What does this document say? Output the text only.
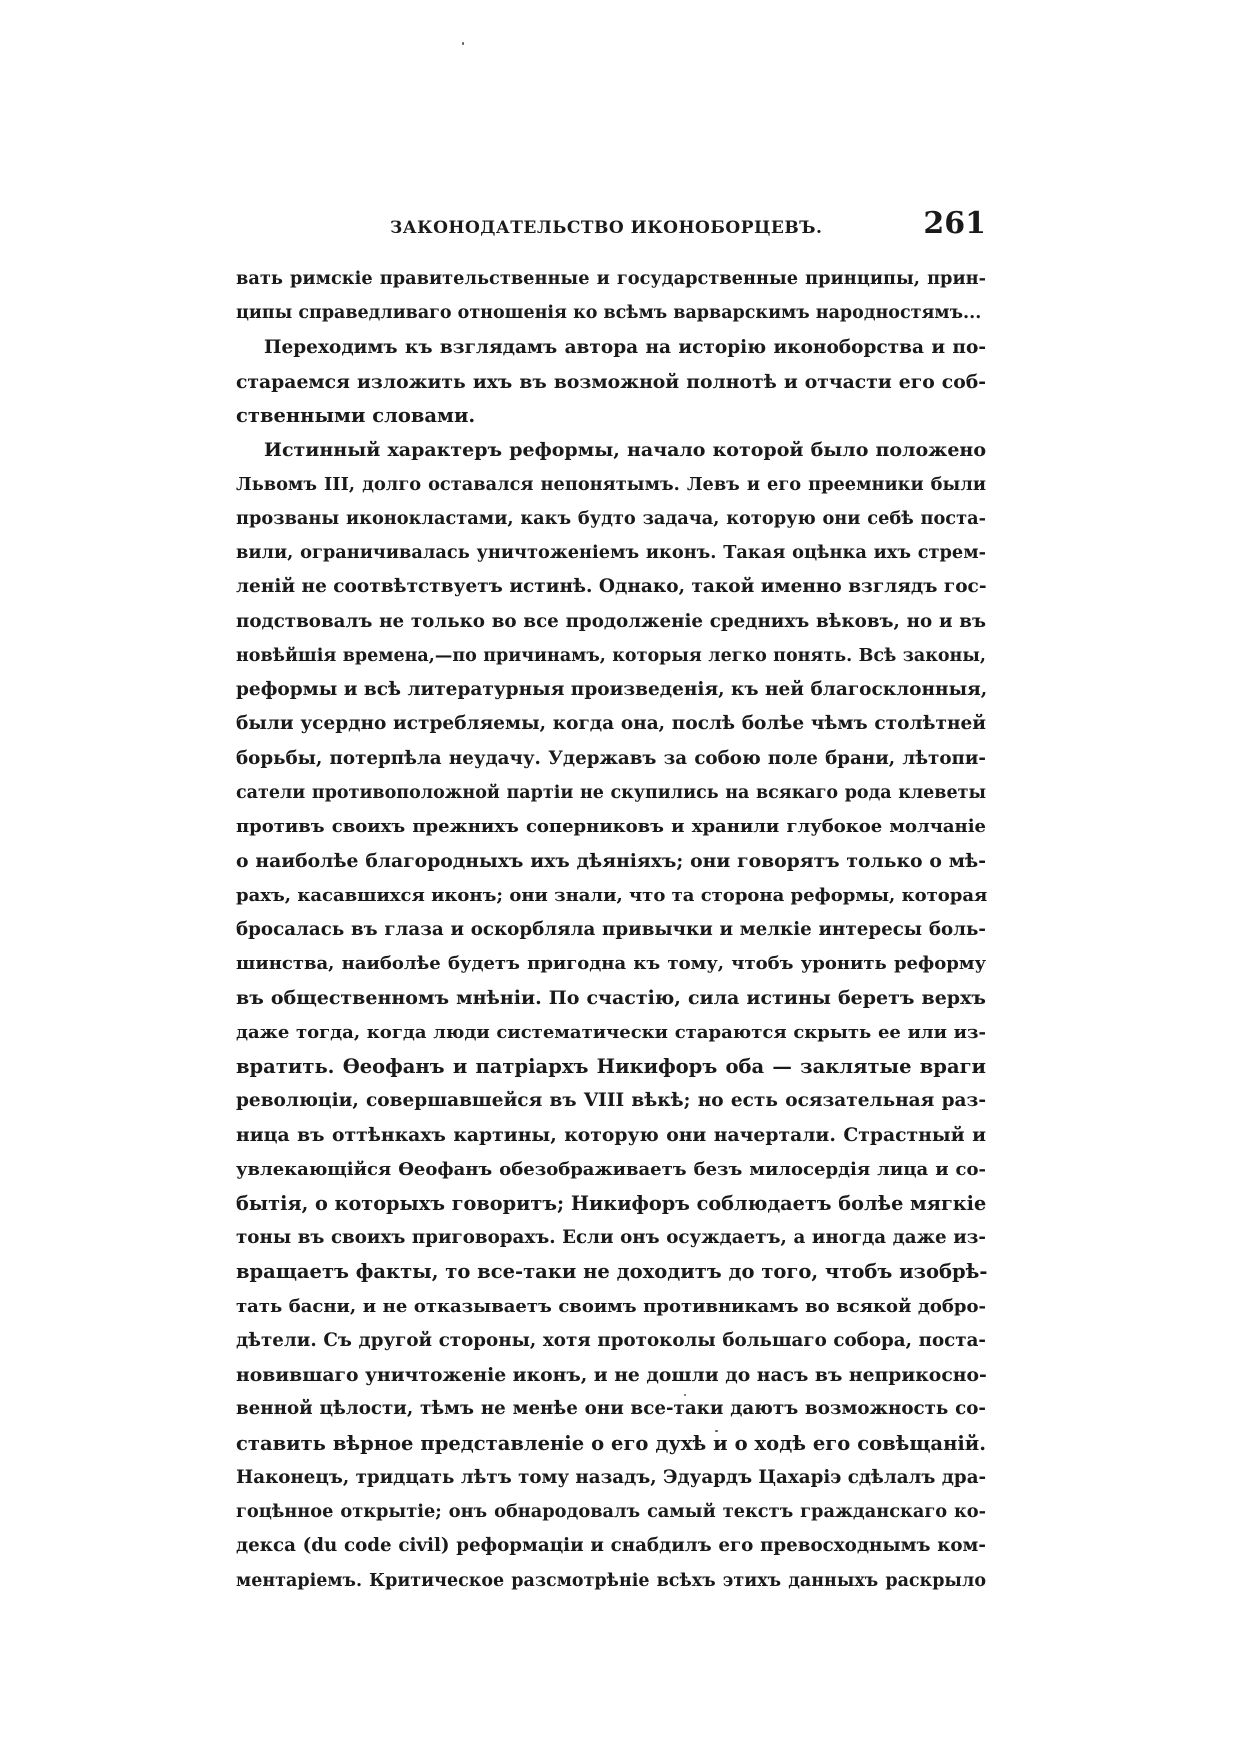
ЗАКОНОДАТЕЛЬСТВО ИКОНОБОРЦЕВЪ.	261
вать римскіе правительственные и государственные принципы, прин-
ципы справедливаго отношенія ко всѣмъ варварскимъ народностямъ...
Переходимъ къ взглядамъ автора на исторію иконоборства и по-
стараемся изложить ихъ въ возможной полнотѣ и отчасти его соб-
ственными словами.
Истинный характеръ реформы, начало которой было положено
Львомъ III, долго оставался непонятымъ. Левъ и его преемники были
прозваны иконокластами, какъ будто задача, которую они себѣ поста-
вили, ограничивалась уничтоженіемъ иконъ. Такая оцѣнка ихъ стрем-
леній не соотвѣтствуетъ истинѣ. Однако, такой именно взглядъ гос-
подствовалъ не только во все продолженіе среднихъ вѣковъ, но и въ
новѣйшія времена,—по причинамъ, которыя легко понять. Всѣ законы,
реформы и всѣ литературныя произведенія, къ ней благосклонныя,
были усердно истребляемы, когда она, послѣ болѣе чѣмъ столѣтней
борьбы, потерпѣла неудачу. Удержавъ за собою поле брани, лѣтопи-
сатели противоположной партіи не скупились на всякаго рода клеветы
противъ своихъ прежнихъ соперниковъ и хранили глубокое молчаніе
о наиболѣе благородныхъ ихъ дѣяніяхъ; они говорятъ только о мѣ-
рахъ, касавшихся иконъ; они знали, что та сторона реформы, которая
бросалась въ глаза и оскорбляла привычки и мелкіе интересы боль-
шинства, наиболѣе будетъ пригодна къ тому, чтобъ уронить реформу
въ общественномъ мнѣніи. По счастію, сила истины беретъ верхъ
даже тогда, когда люди систематически стараются скрыть ее или из-
вратить. Өеофанъ и патріархъ Никифоръ оба — заклятые враги
революціи, совершавшейся въ VIII вѣкѣ; но есть осязательная раз-
ница въ оттѣнкахъ картины, которую они начертали. Страстный и
увлекающійся Өеофанъ обезображиваетъ безъ милосердія лица и со-
бытія, о которыхъ говоритъ; Никифоръ соблюдаетъ болѣе мягкіе
тоны въ своихъ приговорахъ. Если онъ осуждаетъ, а иногда даже из-
вращаетъ факты, то все-таки не доходитъ до того, чтобъ изобрѣ-
тать басни, и не отказываетъ своимъ противникамъ во всякой добро-
дѣтели. Съ другой стороны, хотя протоколы большаго собора, поста-
новившаго уничтоженіе иконъ, и не дошли до насъ въ неприкосно-
венной цѣлости, тѣмъ не менѣе они все-таки даютъ возможность со-
ставить вѣрное представленіе о его духѣ и о ходѣ его совѣщаній.
Наконецъ, тридцать лѣтъ тому назадъ, Эдуардъ Цахаріэ сдѣлалъ дра-
гоцѣнное открытіе; онъ обнародовалъ самый текстъ гражданскаго ко-
декса (du code civil) реформаціи и снабдилъ его превосходнымъ ком-
ментаріемъ. Критическое разсмотрѣніе всѣхъ этихъ данныхъ раскрыло
